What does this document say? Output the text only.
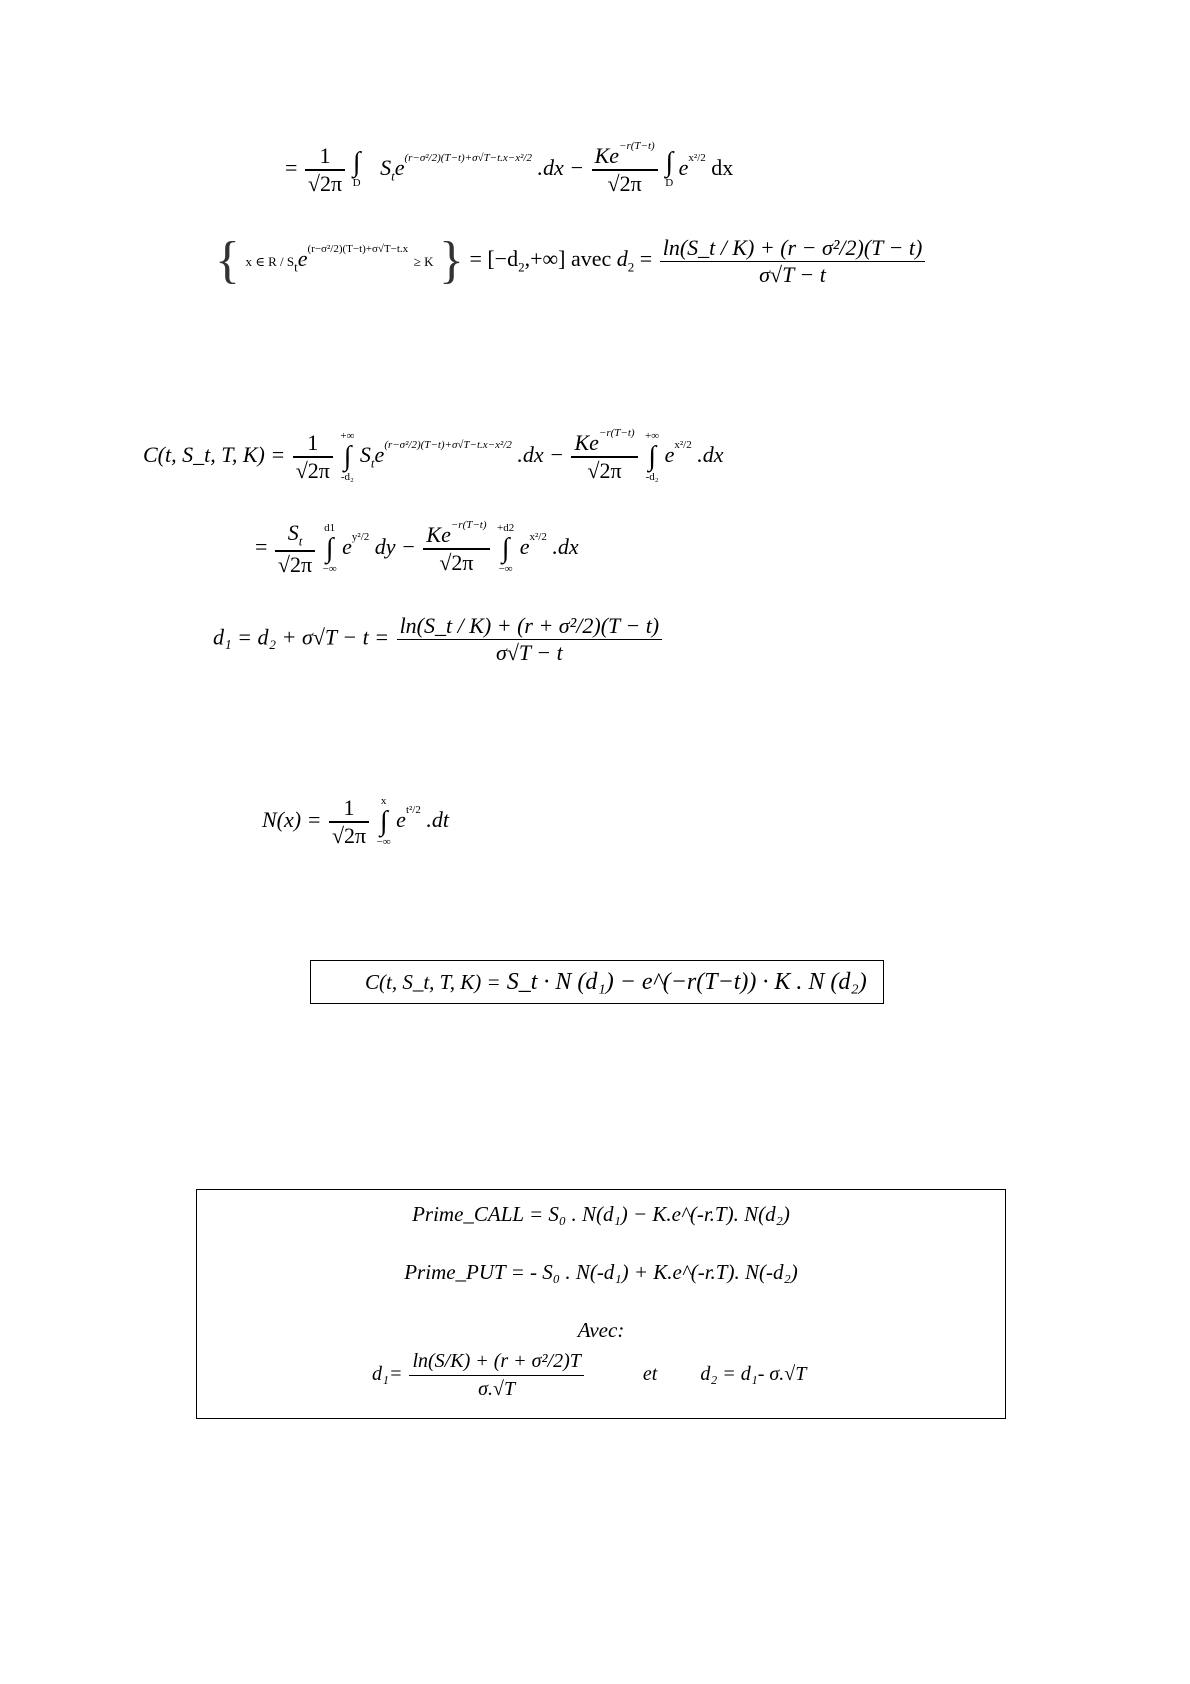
= $\frac{1}{√2\pi}$
∫
D $S_te^{(r-\sigma^2/2)(T-t)+\sigma√T-t.x-x^2/2}$ $.dx - \frac{Ke^{-r(T-t)}}{√2\pi}$
∫
D $e^{x^2/2}$ dx
{ x ∈ $R / S_te^{(r-\sigma^2/2)(T-t)+\sigma√T-t.x} \ge K$ } = $[-d_2,+\infty]$ avec $d_2 = \frac{\text{ln(S\_t / K) + (r − σ²/2)(T − t)}}{\sigma√T - t}$
C(t, S_t, T, $K) = \frac{1}{√2\pi}$ +∞
∫
-d₂ $S_te^{(r-\sigma^2/2)(T-t)+\sigma√T-t.x-x^2/2}$ $.dx - \frac{Ke^{-r(T-t)}}{√2\pi}$ +∞
∫
-d₂ $e^{x^2/2}$ .dx
= $\frac{S_t}{√2\pi} d1$
∫
−∞ $e^{y^2/2}$ dy − $\frac{Ke^{-r(T-t)}}{√2\pi} +d2$
∫
−∞ $e^{x^2/2}$ .dx
$d_1 = d_2 + \sigma√T - t = \frac{\text{ln(S\_t / K) + (r + σ²/2)(T − t)}}{\sigma√T - t}$
$N(x) = \frac{1}{√2\pi}$ x
∫
−∞ $e^{t^2/2}$ .dt
C(t, S_t, T, K) = S_t · N (d₁) − e^(−r(T−t)) · K . N (d₂)
Prime_CALL = S₀ . N(d₁) − K.e^(-r.T). N(d₂)
Prime_PUT = - S₀ . N(-d₁) + K.e^(-r.T). N(-d₂)
Avec:
$d_1= \frac{\text{ln(S/K) + (r + σ²/2)T}}{\sigma.√T}$	et d₂ = d₁- σ.√T
